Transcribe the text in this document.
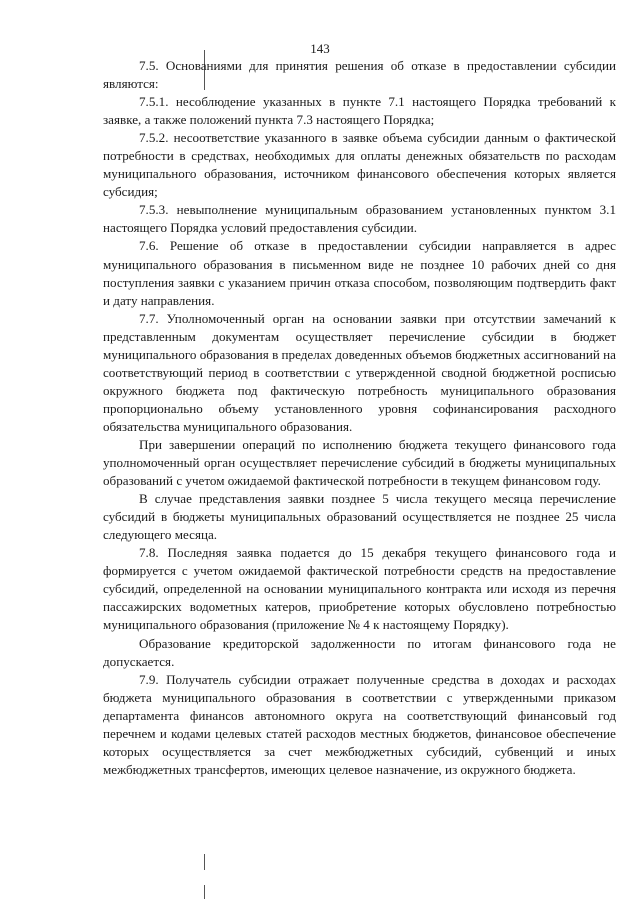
143

7.5. Основаниями для принятия решения об отказе в предоставлении субсидии являются:

7.5.1. несоблюдение указанных в пункте 7.1 настоящего Порядка требований к заявке, а также положений пункта 7.3 настоящего Порядка;

7.5.2. несоответствие указанного в заявке объема субсидии данным о фактической потребности в средствах, необходимых для оплаты денежных обязательств по расходам муниципального образования, источником финансового обеспечения которых является субсидия;

7.5.3. невыполнение муниципальным образованием установленных пунктом 3.1 настоящего Порядка условий предоставления субсидии.

7.6. Решение об отказе в предоставлении субсидии направляется в адрес муниципального образования в письменном виде не позднее 10 рабочих дней со дня поступления заявки с указанием причин отказа способом, позволяющим подтвердить факт и дату направления.

7.7. Уполномоченный орган на основании заявки при отсутствии замечаний к представленным документам осуществляет перечисление субсидии в бюджет муниципального образования в пределах доведенных объемов бюджетных ассигнований на соответствующий период в соответствии с утвержденной сводной бюджетной росписью окружного бюджета под фактическую потребность муниципального образования пропорционально объему установленного уровня софинансирования расходного обязательства муниципального образования.

При завершении операций по исполнению бюджета текущего финансового года уполномоченный орган осуществляет перечисление субсидий в бюджеты муниципальных образований с учетом ожидаемой фактической потребности в текущем финансовом году.

В случае представления заявки позднее 5 числа текущего месяца перечисление субсидий в бюджеты муниципальных образований осуществляется не позднее 25 числа следующего месяца.

7.8. Последняя заявка подается до 15 декабря текущего финансового года и формируется с учетом ожидаемой фактической потребности средств на предоставление субсидий, определенной на основании муниципального контракта или исходя из перечня пассажирских водометных катеров, приобретение которых обусловлено потребностью муниципального образования (приложение № 4 к настоящему Порядку).

Образование кредиторской задолженности по итогам финансового года не допускается.

7.9. Получатель субсидии отражает полученные средства в доходах и расходах бюджета муниципального образования в соответствии с утвержденными приказом департамента финансов автономного округа на соответствующий финансовый год перечнем и кодами целевых статей расходов местных бюджетов, финансовое обеспечение которых осуществляется за счет межбюджетных субсидий, субвенций и иных межбюджетных трансфертов, имеющих целевое назначение, из окружного бюджета.
